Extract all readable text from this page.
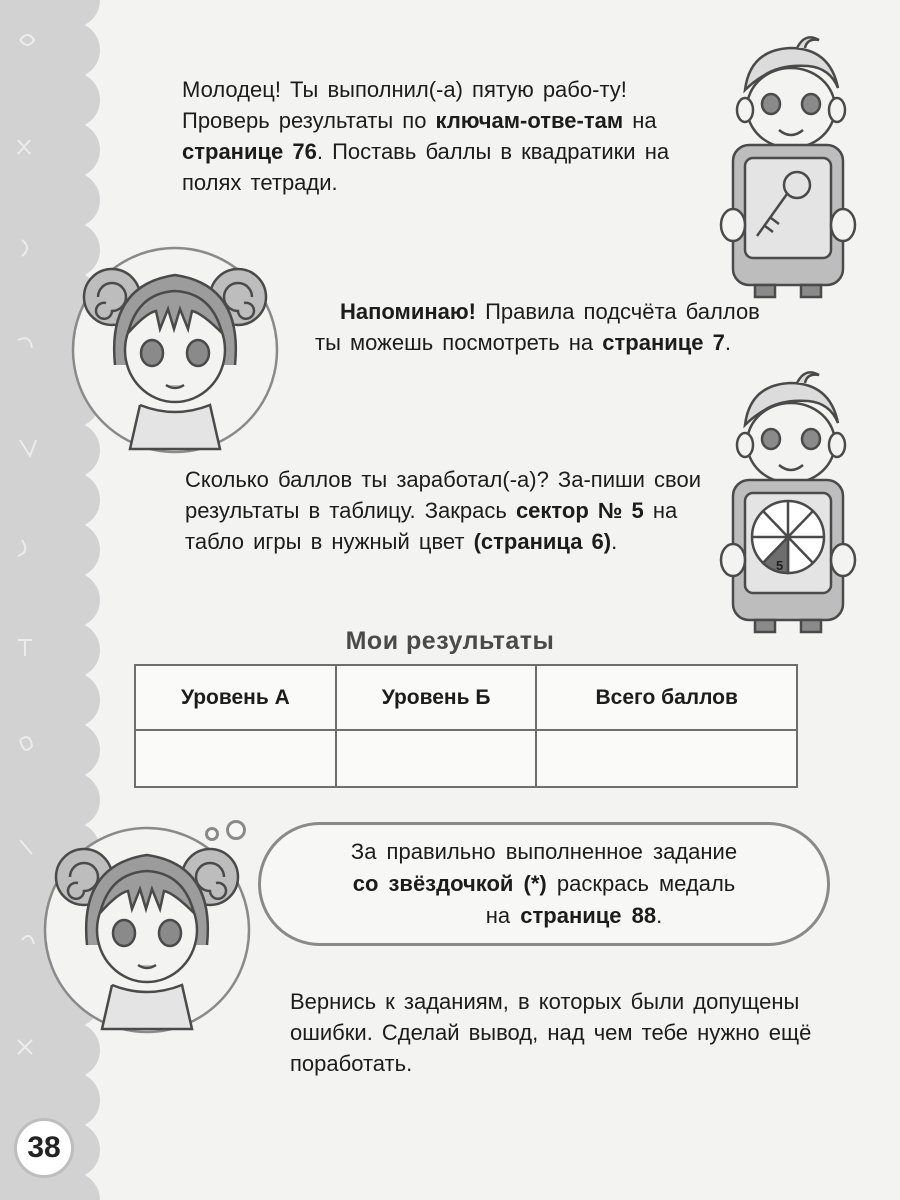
38
Молодец! Ты выполнил(-а) пятую рабо-ту! Проверь результаты по ключам-отве-там на странице 76. Поставь баллы в квадратики на полях тетради.
Напоминаю! Правила подсчёта баллов
ты можешь посмотреть на странице 7.
5
Сколько баллов ты заработал(-а)? За-пиши свои результаты в таблицу. Закрась сектор № 5 на табло игры в нужный цвет (страница 6).
Мои результаты
Уровень А	Уровень Б	Всего баллов

За правильно выполненное задание
со звёздочкой (*) раскрась медаль
на странице 88.
Вернись к заданиям, в которых были допущены ошибки. Сделай вывод, над чем тебе нужно ещё поработать.
